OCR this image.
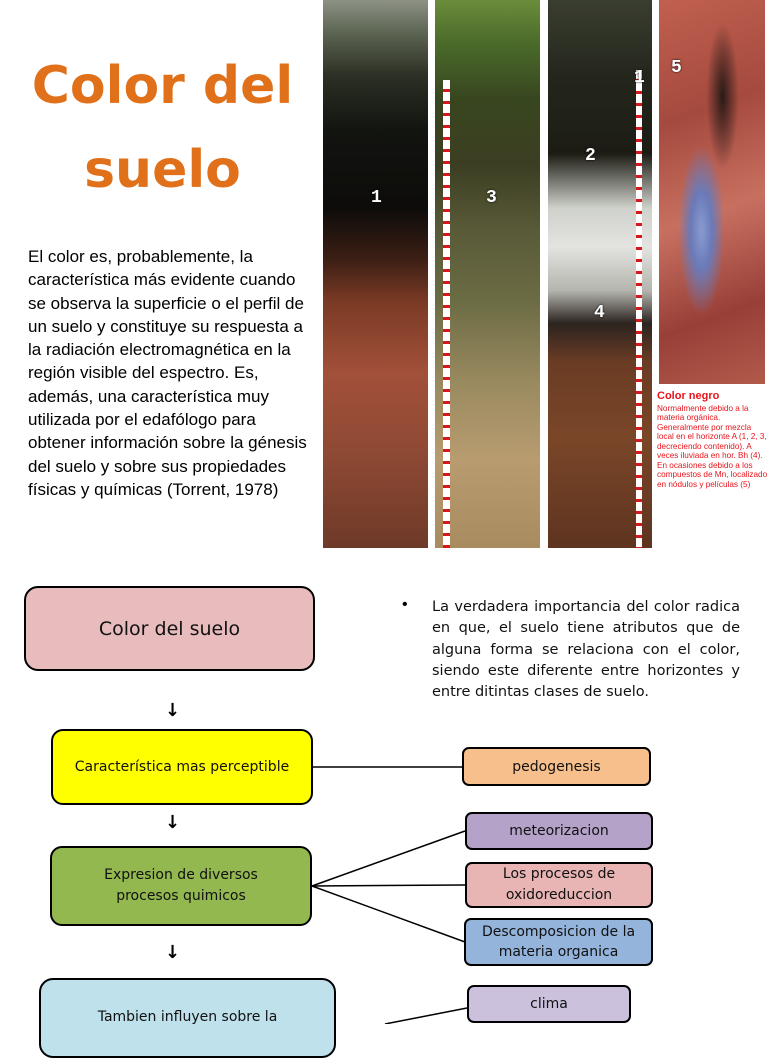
Color del
suelo
El color es, probablemente, la característica más evidente cuando se observa la superficie o el perfil de un suelo y constituye su respuesta a la radiación electromagnética en la región visible del espectro. Es, además, una característica muy utilizada por el edafólogo para obtener información sobre la génesis del suelo y sobre sus propiedades físicas y químicas (Torrent, 1978)
1	3
1
2
4
5
Color negro
Normalmente debido a la materia orgánica. Generalmente por mezcla local en el horizonte A (1, 2, 3, decreciendo contenido). A veces iluviada en hor. Bh (4). En ocasiones debido a los compuestos de Mn, localizado en nódulos y películas (5)
• La verdadera importancia del color radica en que, el suelo tiene atributos que de alguna forma se relaciona con el color, siendo este diferente entre horizontes y entre ditintas clases de suelo.
Color del suelo
↓
Característica mas perceptible
↓
Expresion de diversos procesos quimicos
↓
Tambien influyen sobre la
pedogenesis
meteorizacion
Los procesos de oxidoreduccion
Descomposicion de la materia organica
clima
